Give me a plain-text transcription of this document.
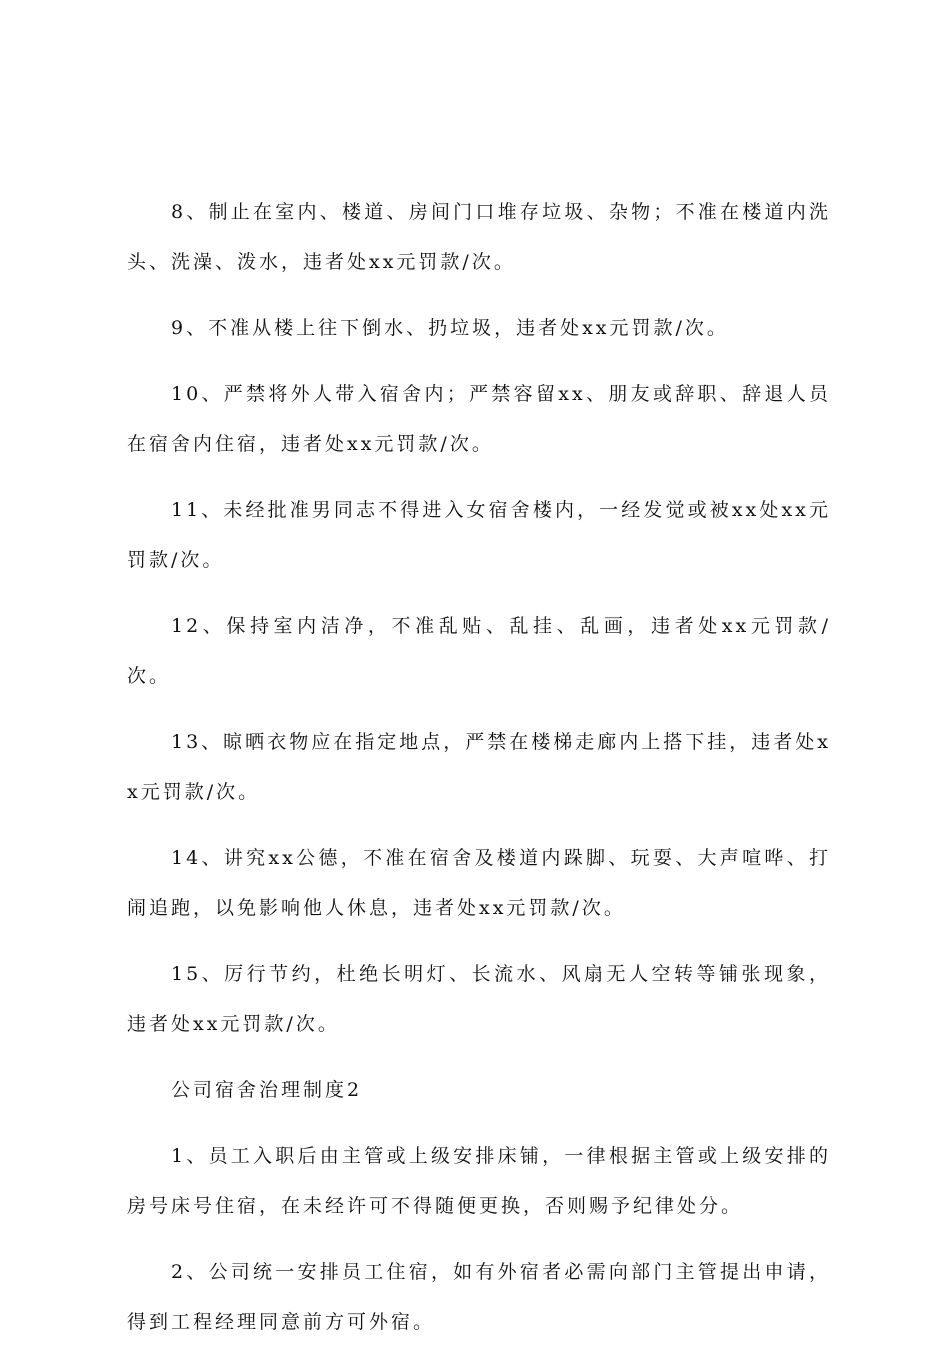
8、制止在室内、楼道、房间门口堆存垃圾、杂物；不准在楼道内洗头、洗澡、泼水，违者处xx元罚款/次。

9、不准从楼上往下倒水、扔垃圾，违者处xx元罚款/次。

10、严禁将外人带入宿舍内；严禁容留xx、朋友或辞职、辞退人员在宿舍内住宿，违者处xx元罚款/次。

11、未经批准男同志不得进入女宿舍楼内，一经发觉或被xx处xx元罚款/次。

12、保持室内洁净，不准乱贴、乱挂、乱画，违者处xx元罚款/次。

13、晾晒衣物应在指定地点，严禁在楼梯走廊内上搭下挂，违者处xx元罚款/次。

14、讲究xx公德，不准在宿舍及楼道内跺脚、玩耍、大声喧哗、打闹追跑，以免影响他人休息，违者处xx元罚款/次。

15、厉行节约，杜绝长明灯、长流水、风扇无人空转等铺张现象，违者处xx元罚款/次。

公司宿舍治理制度2

1、员工入职后由主管或上级安排床铺，一律根据主管或上级安排的房号床号住宿，在未经许可不得随便更换，否则赐予纪律处分。

2、公司统一安排员工住宿，如有外宿者必需向部门主管提出申请，得到工程经理同意前方可外宿。
